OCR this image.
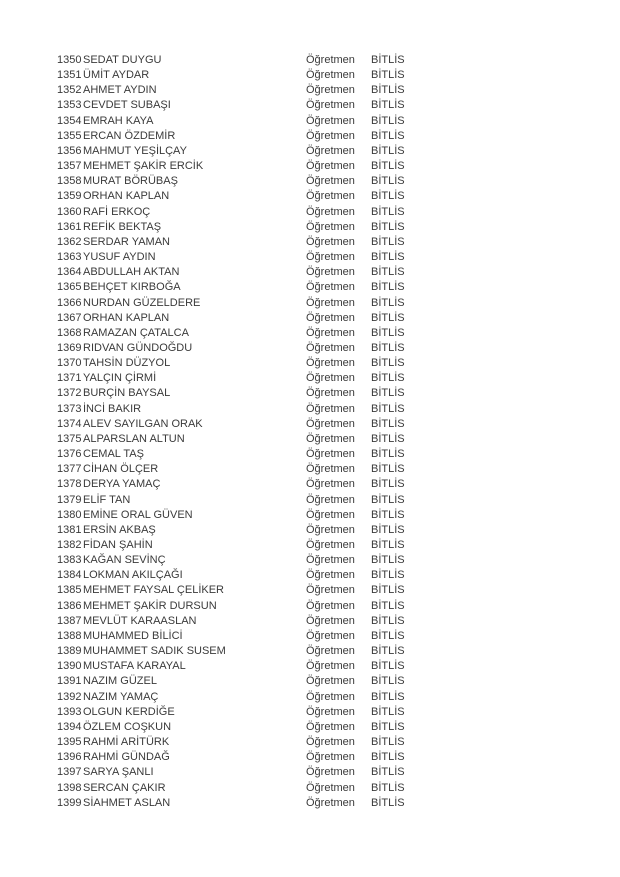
1350 SEDAT DUYGU	Öğretmen BİTLİS
1351 ÜMİT AYDAR	Öğretmen BİTLİS
1352 AHMET AYDIN	Öğretmen BİTLİS
1353 CEVDET SUBAŞI	Öğretmen BİTLİS
1354 EMRAH KAYA	Öğretmen BİTLİS
1355 ERCAN ÖZDEMİR	Öğretmen BİTLİS
1356 MAHMUT YEŞİLÇAY	Öğretmen BİTLİS
1357 MEHMET ŞAKİR ERCİK	Öğretmen BİTLİS
1358 MURAT BÖRÜBAŞ	Öğretmen BİTLİS
1359 ORHAN KAPLAN	Öğretmen BİTLİS
1360 RAFİ ERKOÇ	Öğretmen BİTLİS
1361 REFİK BEKTAŞ	Öğretmen BİTLİS
1362 SERDAR YAMAN	Öğretmen BİTLİS
1363 YUSUF AYDIN	Öğretmen BİTLİS
1364 ABDULLAH AKTAN	Öğretmen BİTLİS
1365 BEHÇET KIRBOĞA	Öğretmen BİTLİS
1366 NURDAN GÜZELDERE	Öğretmen BİTLİS
1367 ORHAN KAPLAN	Öğretmen BİTLİS
1368 RAMAZAN ÇATALCA	Öğretmen BİTLİS
1369 RIDVAN GÜNDOĞDU	Öğretmen BİTLİS
1370 TAHSİN DÜZYOL	Öğretmen BİTLİS
1371 YALÇIN ÇİRMİ	Öğretmen BİTLİS
1372 BURÇİN BAYSAL	Öğretmen BİTLİS
1373 İNCİ BAKIR	Öğretmen BİTLİS
1374 ALEV SAYILGAN ORAK	Öğretmen BİTLİS
1375 ALPARSLAN ALTUN	Öğretmen BİTLİS
1376 CEMAL TAŞ	Öğretmen BİTLİS
1377 CİHAN ÖLÇER	Öğretmen BİTLİS
1378 DERYA YAMAÇ	Öğretmen BİTLİS
1379 ELİF TAN	Öğretmen BİTLİS
1380 EMİNE ORAL GÜVEN	Öğretmen BİTLİS
1381 ERSİN AKBAŞ	Öğretmen BİTLİS
1382 FİDAN ŞAHİN	Öğretmen BİTLİS
1383 KAĞAN SEVİNÇ	Öğretmen BİTLİS
1384 LOKMAN AKILÇAĞI	Öğretmen BİTLİS
1385 MEHMET FAYSAL ÇELİKER	Öğretmen BİTLİS
1386 MEHMET ŞAKİR DURSUN	Öğretmen BİTLİS
1387 MEVLÜT KARAASLAN	Öğretmen BİTLİS
1388 MUHAMMED BİLİCİ	Öğretmen BİTLİS
1389 MUHAMMET SADIK SUSEM	Öğretmen BİTLİS
1390 MUSTAFA KARAYAL	Öğretmen BİTLİS
1391 NAZIM GÜZEL	Öğretmen BİTLİS
1392 NAZIM YAMAÇ	Öğretmen BİTLİS
1393 OLGUN KERDİĞE	Öğretmen BİTLİS
1394 ÖZLEM COŞKUN	Öğretmen BİTLİS
1395 RAHMİ ARİTÜRK	Öğretmen BİTLİS
1396 RAHMİ GÜNDAĞ	Öğretmen BİTLİS
1397 SARYA ŞANLI	Öğretmen BİTLİS
1398 SERCAN ÇAKIR	Öğretmen BİTLİS
1399 SİAHMET ASLAN	Öğretmen BİTLİS
